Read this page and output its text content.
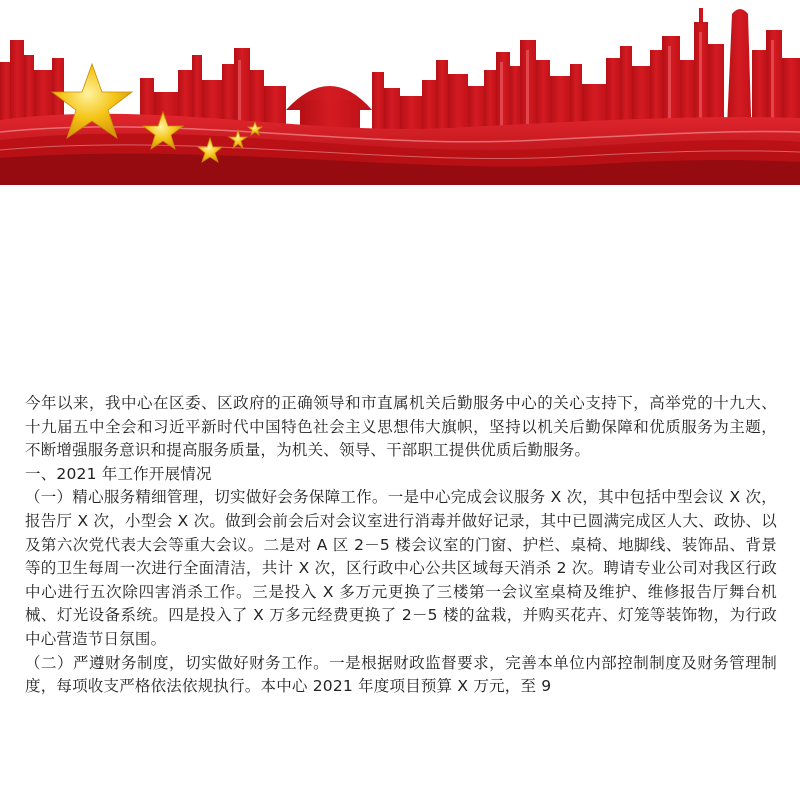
今年以来，我中心在区委、区政府的正确领导和市直属机关后勤服务中心的关心支持下，高举党的十九大、十九届五中全会和习近平新时代中国特色社会主义思想伟大旗帜，坚持以机关后勤保障和优质服务为主题，不断增强服务意识和提高服务质量，为机关、领导、干部职工提供优质后勤服务。

一、2021 年工作开展情况

（一）精心服务精细管理，切实做好会务保障工作。一是中心完成会议服务 X 次，其中包括中型会议 X 次，报告厅 X 次，小型会 X 次。做到会前会后对会议室进行消毒并做好记录，其中已圆满完成区人大、政协、以及第六次党代表大会等重大会议。二是对 A 区 2－5 楼会议室的门窗、护栏、桌椅、地脚线、装饰品、背景等的卫生每周一次进行全面清洁，共计 X 次，区行政中心公共区域每天消杀 2 次。聘请专业公司对我区行政中心进行五次除四害消杀工作。三是投入 X 多万元更换了三楼第一会议室桌椅及维护、维修报告厅舞台机械、灯光设备系统。四是投入了 X 万多元经费更换了 2－5 楼的盆栽，并购买花卉、灯笼等装饰物，为行政中心营造节日氛围。

（二）严遵财务制度，切实做好财务工作。一是根据财政监督要求，完善本单位内部控制制度及财务管理制度，每项收支严格依法依规执行。本中心 2021 年度项目预算 X 万元，至 9
